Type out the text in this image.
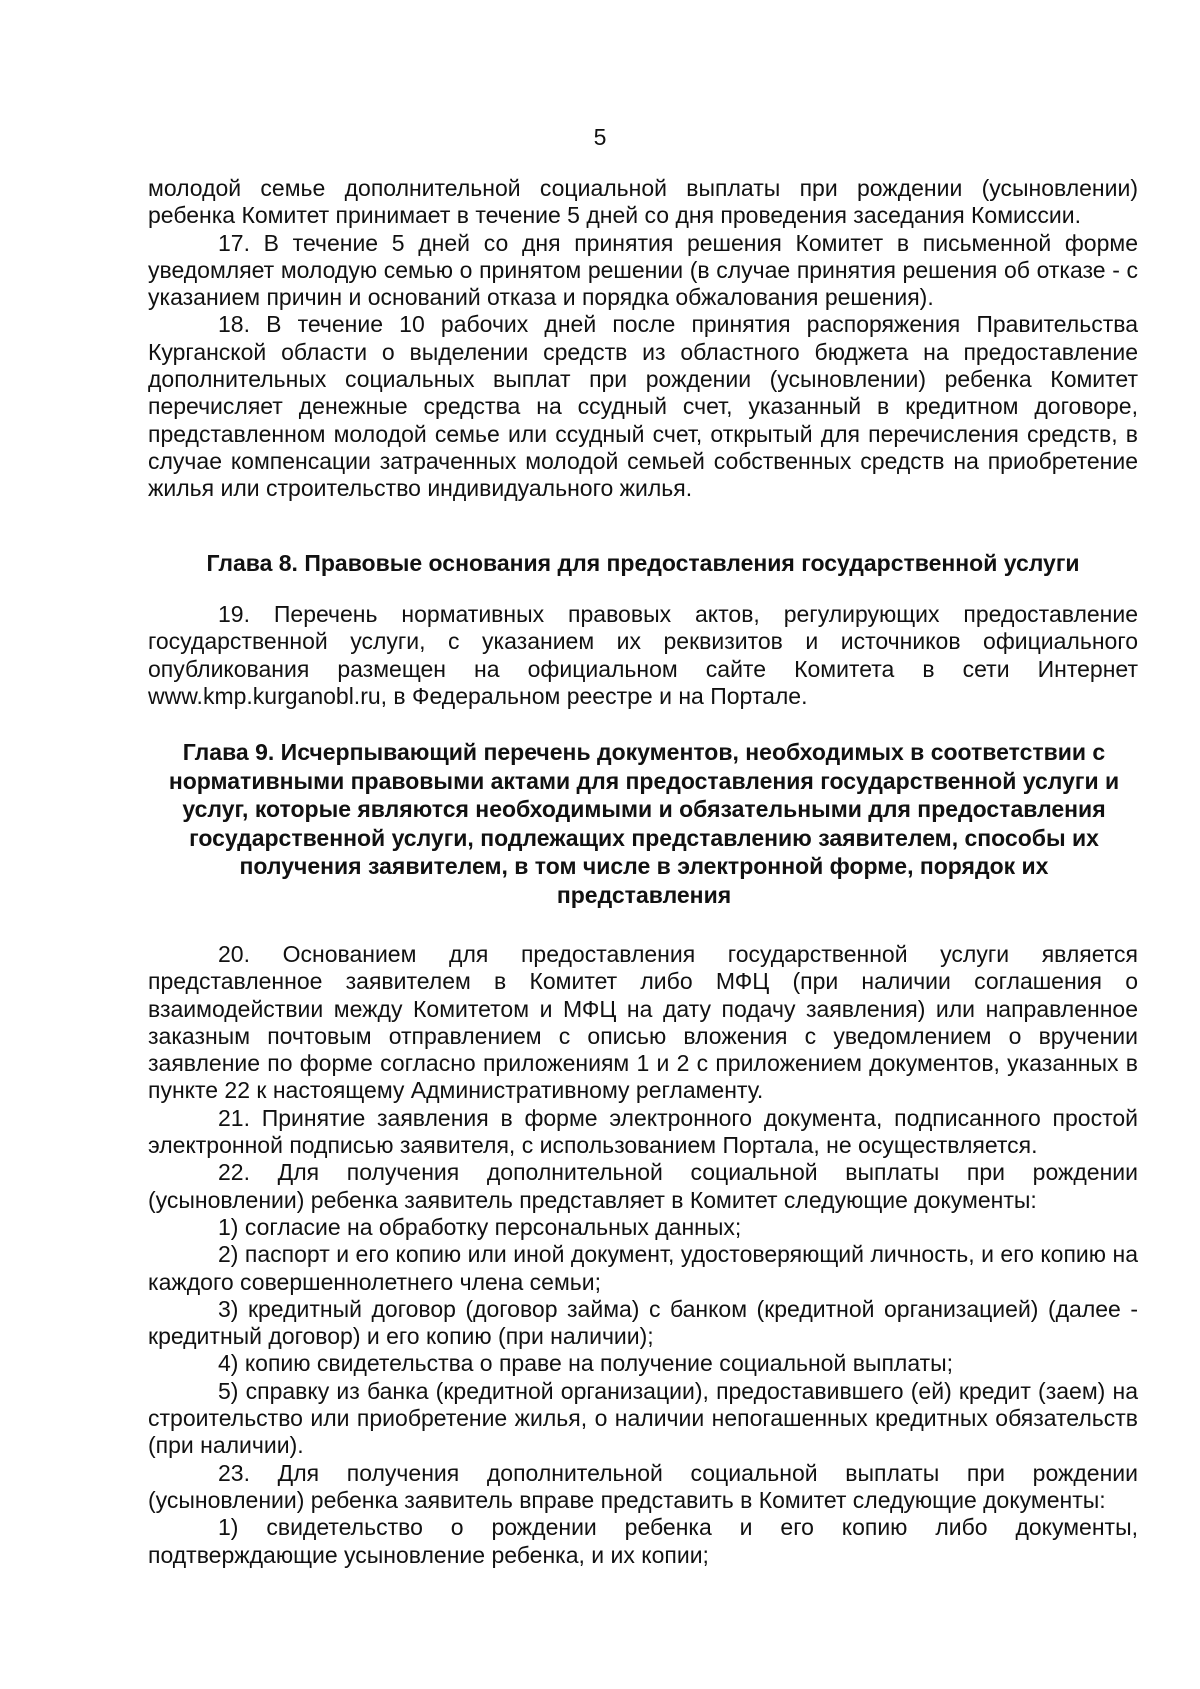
5

молодой семье дополнительной социальной выплаты при рождении (усыновлении) ребенка Комитет принимает в течение 5 дней со дня проведения заседания Комиссии.

17. В течение 5 дней со дня принятия решения Комитет в письменной форме уведомляет молодую семью о принятом решении (в случае принятия решения об отказе - с указанием причин и оснований отказа и порядка обжалования решения).

18. В течение 10 рабочих дней после принятия распоряжения Правительства Курганской области о выделении средств из областного бюджета на предоставление дополнительных социальных выплат при рождении (усыновлении) ребенка Комитет перечисляет денежные средства на ссудный счет, указанный в кредитном договоре, представленном молодой семье или ссудный счет, открытый для перечисления средств, в случае компенсации затраченных молодой семьей собственных средств на приобретение жилья или строительство индивидуального жилья.

Глава 8. Правовые основания для предоставления государственной услуги

19. Перечень нормативных правовых актов, регулирующих предоставление государственной услуги, с указанием их реквизитов и источников официального опубликования размещен на официальном сайте Комитета в сети Интернет www.kmp.kurganobl.ru, в Федеральном реестре и на Портале.

Глава 9. Исчерпывающий перечень документов, необходимых в соответствии с нормативными правовыми актами для предоставления государственной услуги и услуг, которые являются необходимыми и обязательными для предоставления государственной услуги, подлежащих представлению заявителем, способы их получения заявителем, в том числе в электронной форме, порядок их представления

20. Основанием для предоставления государственной услуги является представленное заявителем в Комитет либо МФЦ (при наличии соглашения о взаимодействии между Комитетом и МФЦ на дату подачу заявления) или направленное заказным почтовым отправлением с описью вложения с уведомлением о вручении заявление по форме согласно приложениям 1 и 2 с приложением документов, указанных в пункте 22 к настоящему Административному регламенту.

21. Принятие заявления в форме электронного документа, подписанного простой электронной подписью заявителя, с использованием Портала, не осуществляется.

22. Для получения дополнительной социальной выплаты при рождении (усыновлении) ребенка заявитель представляет в Комитет следующие документы:

1) согласие на обработку персональных данных;

2) паспорт и его копию или иной документ, удостоверяющий личность, и его копию на каждого совершеннолетнего члена семьи;

3) кредитный договор (договор займа) с банком (кредитной организацией) (далее - кредитный договор) и его копию (при наличии);

4) копию свидетельства о праве на получение социальной выплаты;

5) справку из банка (кредитной организации), предоставившего (ей) кредит (заем) на строительство или приобретение жилья, о наличии непогашенных кредитных обязательств (при наличии).

23. Для получения дополнительной социальной выплаты при рождении (усыновлении) ребенка заявитель вправе представить в Комитет следующие документы:

1) свидетельство о рождении ребенка и его копию либо документы, подтверждающие усыновление ребенка, и их копии;
